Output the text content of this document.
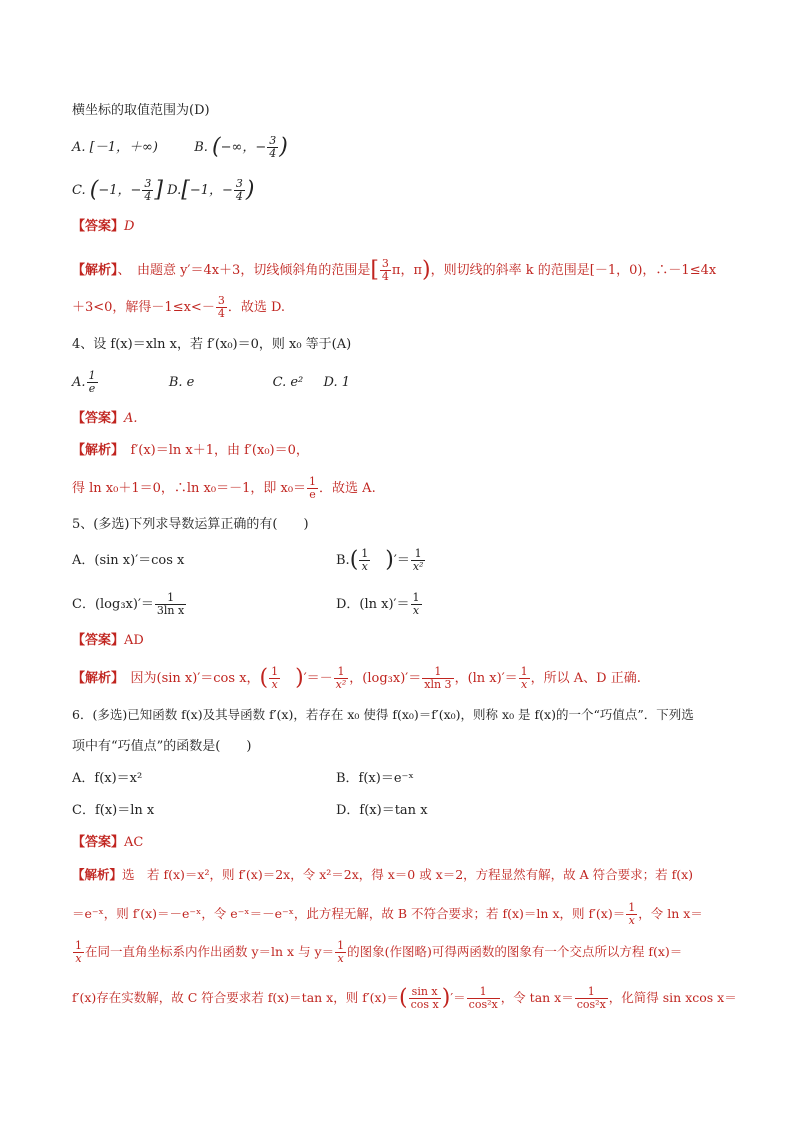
横坐标的取值范围为(D)
A. [－1，＋∞)	B. (−∞，− $\frac{3}{4}$ )
C. (−1，− $\frac{3}{4}$ ] D.[−1，− $\frac{3}{4}$ )
【答案】D
【解析】、　由题意 y′＝4x＋3，切线倾斜角的范围是[ $\frac{3}{4}$ π，π)，则切线的斜率 k 的范围是[－1，0)，∴－1≤4x
＋3<0，解得$-1\le x<- \frac{3}{4}$ ．故选 D.
4、设 f(x)＝xln x，若 f′(x₀)＝0，则 x₀ 等于(A)
A. $\frac{1}{e}$	B. e	C. e² D. 1
【答案】A.
【解析】　f′(x)＝ln x＋1，由 f′(x₀)＝0，
得 ln x₀＋1＝0，∴ln x₀＝－1，即 $x_0= \frac{1}{e}$ ．故选 A.
5、(多选)下列求导数运算正确的有(　　)
A．(sin x)′＝cos x	$B.( \frac{1}{x}$ )′＝ $\frac{1}{\text{x²}}$
C．$(\log_3x)'= \frac{1}{\text{3ln x}}$	D．(ln $x)'= \frac{1}{x}$
【答案】AD
【解析】　因为(sin x)′＝cos x，( $\frac{1}{x}$ )′＝－ $\frac{1}{\text{x²}}$ ，$(\log_3x)'= \frac{1}{xln 3}$ ，(ln $x)'= \frac{1}{x}$ ，所以 A、D 正确.
6．(多选)已知函数 f(x)及其导函数 f′(x)，若存在 x₀ 使得 f(x₀)＝f′(x₀)，则称 x₀ 是 f(x)的一个“巧值点”．下列选
项中有“巧值点”的函数是(　　)
A．f(x)＝x²	B．f(x)＝e⁻ˣ
C．f(x)＝ln x	D．f(x)＝tan x
【答案】AC
【解析】选　若 f(x)＝x²，则 f′(x)＝2x，令 x²＝2x，得 x＝0 或 x＝2，方程显然有解，故 A 符合要求；若 f(x)
＝e⁻ˣ，则 f′(x)＝－e⁻ˣ，令 e⁻ˣ＝－e⁻ˣ，此方程无解，故 B 不符合要求；若 f(x)＝ln x，则 $f'(x)= \frac{1}{x}$ ，令 ln x＝
$\frac{1}{x}$ 在同一直角坐标系内作出函数 y＝ln x 与 $y= \frac{1}{x}$ 的图象(作图略)可得两函数的图象有一个交点所以方程 f(x)＝
f′(x)存在实数解，故 C 符合要求若 f(x)＝tan x，则 $f'(x)=( \frac{\text{sin x}}{\text{cos x}}$ )′＝ $\frac{1}{\text{cos²x}}$ ，令 $\tan x= \frac{1}{\text{cos²x}}$ ，化简得 sin xcos x＝
